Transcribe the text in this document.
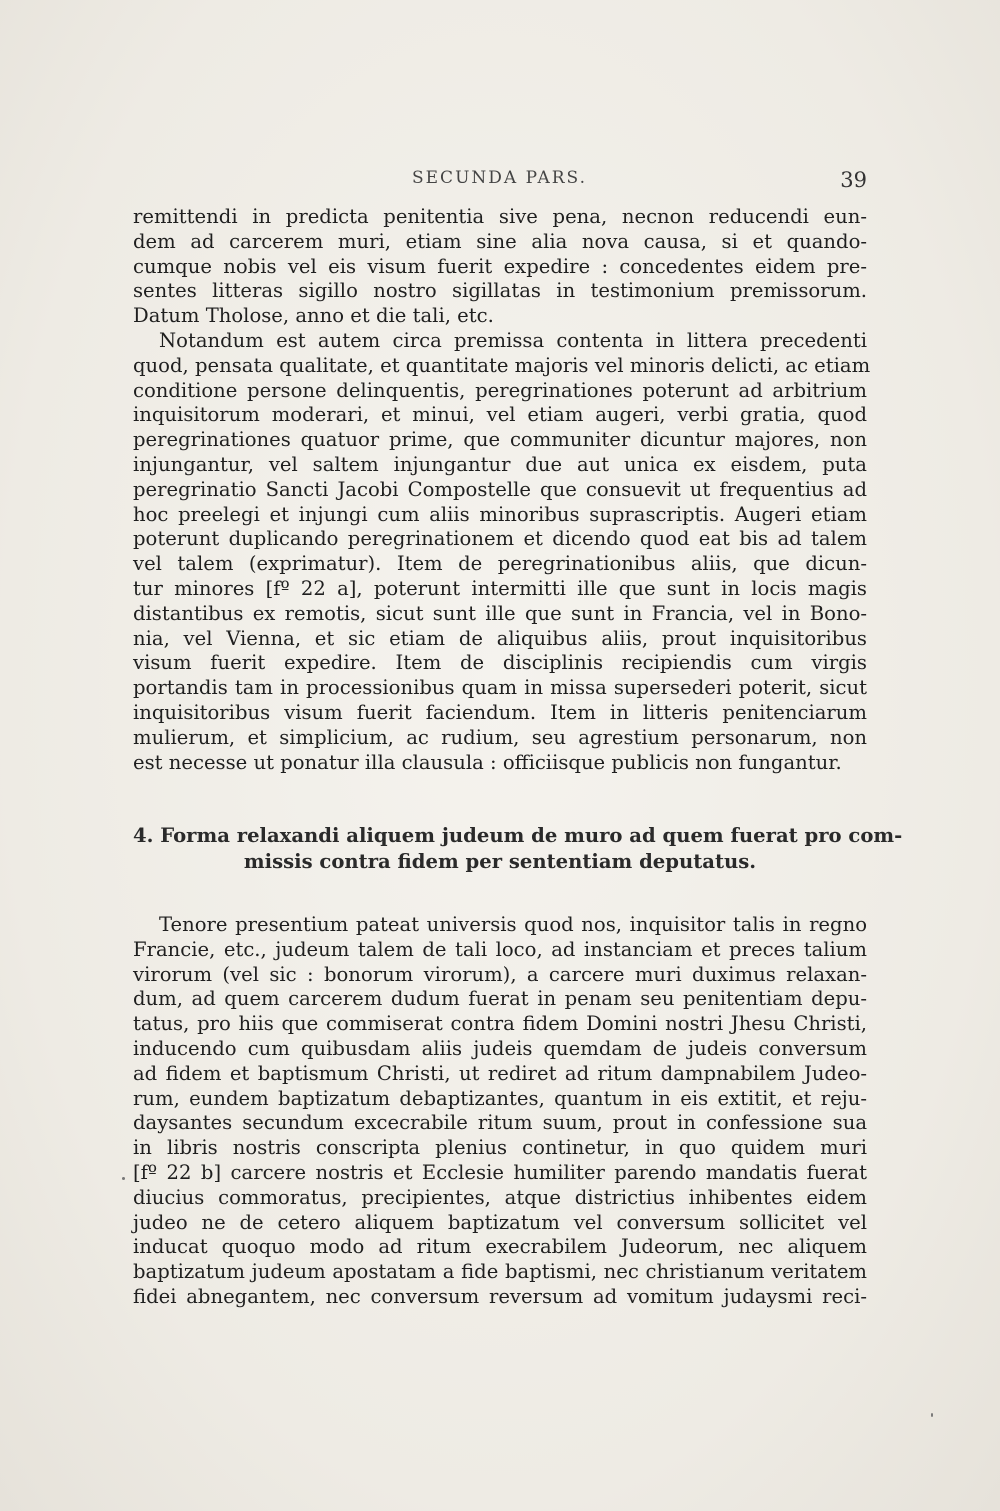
SECUNDA PARS.	39
remittendi in predicta penitentia sive pena, necnon reducendi eun-
dem ad carcerem muri, etiam sine alia nova causa, si et quando-
cumque nobis vel eis visum fuerit expedire : concedentes eidem pre-
sentes litteras sigillo nostro sigillatas in testimonium premissorum.
Datum Tholose, anno et die tali, etc.
Notandum est autem circa premissa contenta in littera precedenti
quod, pensata qualitate, et quantitate majoris vel minoris delicti, ac etiam
conditione persone delinquentis, peregrinationes poterunt ad arbitrium
inquisitorum moderari, et minui, vel etiam augeri, verbi gratia, quod
peregrinationes quatuor prime, que communiter dicuntur majores, non
injungantur, vel saltem injungantur due aut unica ex eisdem, puta
peregrinatio Sancti Jacobi Compostelle que consuevit ut frequentius ad
hoc preelegi et injungi cum aliis minoribus suprascriptis. Augeri etiam
poterunt duplicando peregrinationem et dicendo quod eat bis ad talem
vel talem (exprimatur). Item de peregrinationibus aliis, que dicun-
tur minores [fº 22 a], poterunt intermitti ille que sunt in locis magis
distantibus ex remotis, sicut sunt ille que sunt in Francia, vel in Bono-
nia, vel Vienna, et sic etiam de aliquibus aliis, prout inquisitoribus
visum fuerit expedire. Item de disciplinis recipiendis cum virgis
portandis tam in processionibus quam in missa supersederi poterit, sicut
inquisitoribus visum fuerit faciendum. Item in litteris penitenciarum
mulierum, et simplicium, ac rudium, seu agrestium personarum, non
est necesse ut ponatur illa clausula : officiisque publicis non fungantur.
4. Forma relaxandi aliquem judeum de muro ad quem fuerat pro com-
missis contra fidem per sententiam deputatus.
Tenore presentium pateat universis quod nos, inquisitor talis in regno
Francie, etc., judeum talem de tali loco, ad instanciam et preces talium
virorum (vel sic : bonorum virorum), a carcere muri duximus relaxan-
dum, ad quem carcerem dudum fuerat in penam seu penitentiam depu-
tatus, pro hiis que commiserat contra fidem Domini nostri Jhesu Christi,
inducendo cum quibusdam aliis judeis quemdam de judeis conversum
ad fidem et baptismum Christi, ut rediret ad ritum dampnabilem Judeo-
rum, eundem baptizatum debaptizantes, quantum in eis extitit, et reju-
daysantes secundum excecrabile ritum suum, prout in confessione sua
in libris nostris conscripta plenius continetur, in quo quidem muri
[fº 22 b] carcere nostris et Ecclesie humiliter parendo mandatis fuerat
diucius commoratus, precipientes, atque districtius inhibentes eidem
judeo ne de cetero aliquem baptizatum vel conversum sollicitet vel
inducat quoquo modo ad ritum execrabilem Judeorum, nec aliquem
baptizatum judeum apostatam a fide baptismi, nec christianum veritatem
fidei abnegantem, nec conversum reversum ad vomitum judaysmi reci-
